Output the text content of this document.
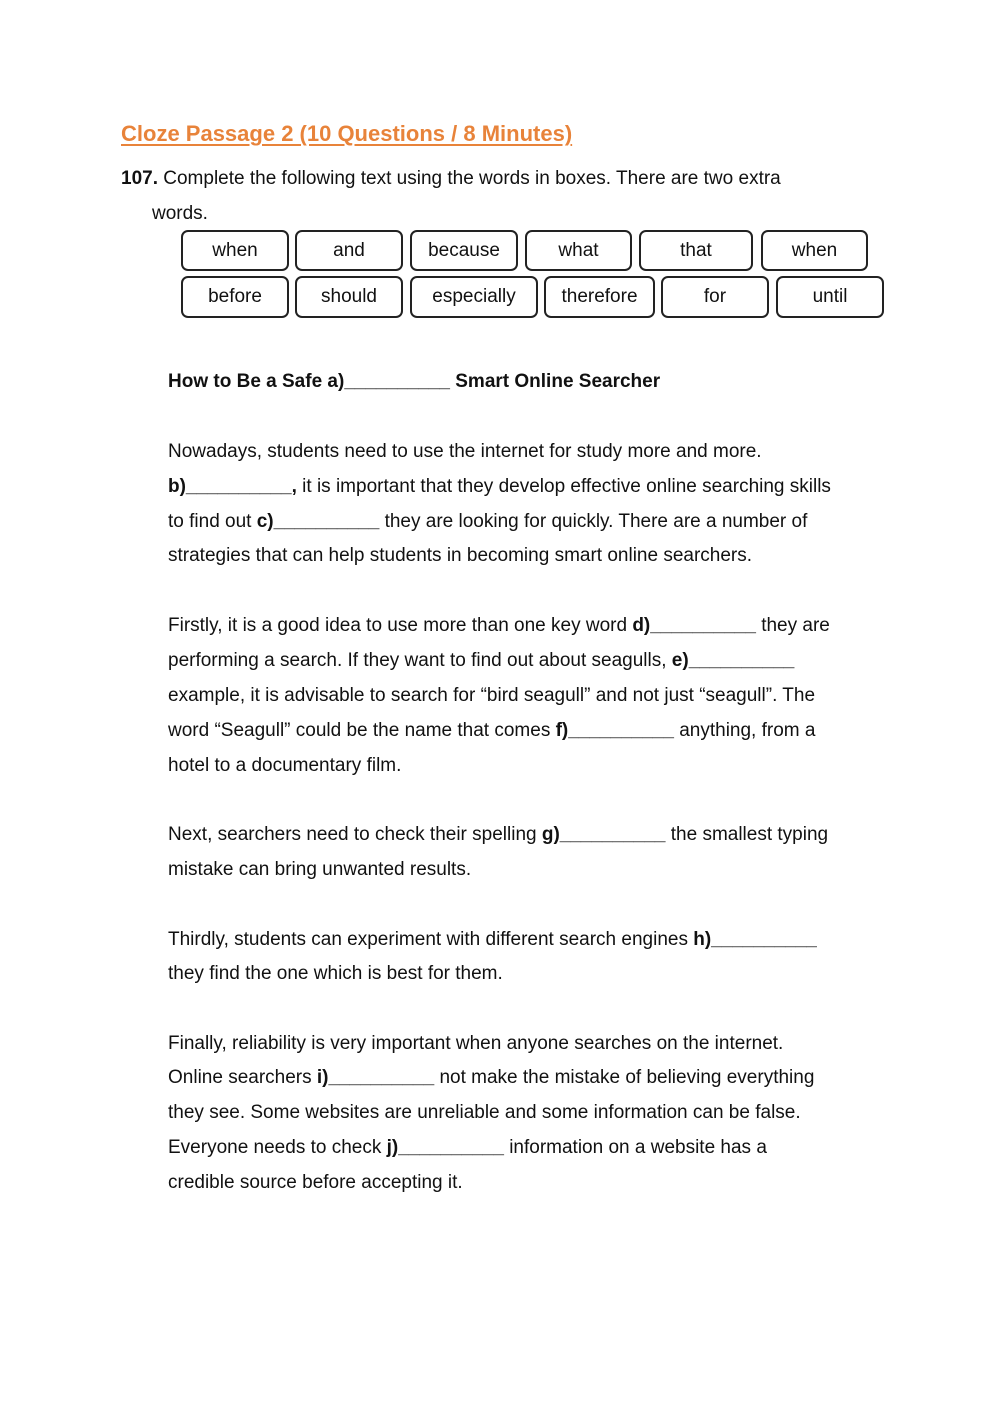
Cloze Passage 2 (10 Questions / 8 Minutes)
107. Complete the following text using the words in boxes. There are two extra
words.
when	and	because	what	that	when
before	should	especially	therefore	for	until
How to Be a Safe a)__________ Smart Online Searcher
Nowadays, students need to use the internet for study more and more.
b)__________, it is important that they develop effective online searching skills
to find out c)__________ they are looking for quickly. There are a number of
strategies that can help students in becoming smart online searchers.
Firstly, it is a good idea to use more than one key word d)__________ they are
performing a search. If they want to find out about seagulls, e)__________
example, it is advisable to search for “bird seagull” and not just “seagull”. The
word “Seagull” could be the name that comes f)__________ anything, from a
hotel to a documentary film.
Next, searchers need to check their spelling g)__________ the smallest typing
mistake can bring unwanted results.
Thirdly, students can experiment with different search engines h)__________
they find the one which is best for them.
Finally, reliability is very important when anyone searches on the internet.
Online searchers i)__________ not make the mistake of believing everything
they see. Some websites are unreliable and some information can be false.
Everyone needs to check j)__________ information on a website has a
credible source before accepting it.
